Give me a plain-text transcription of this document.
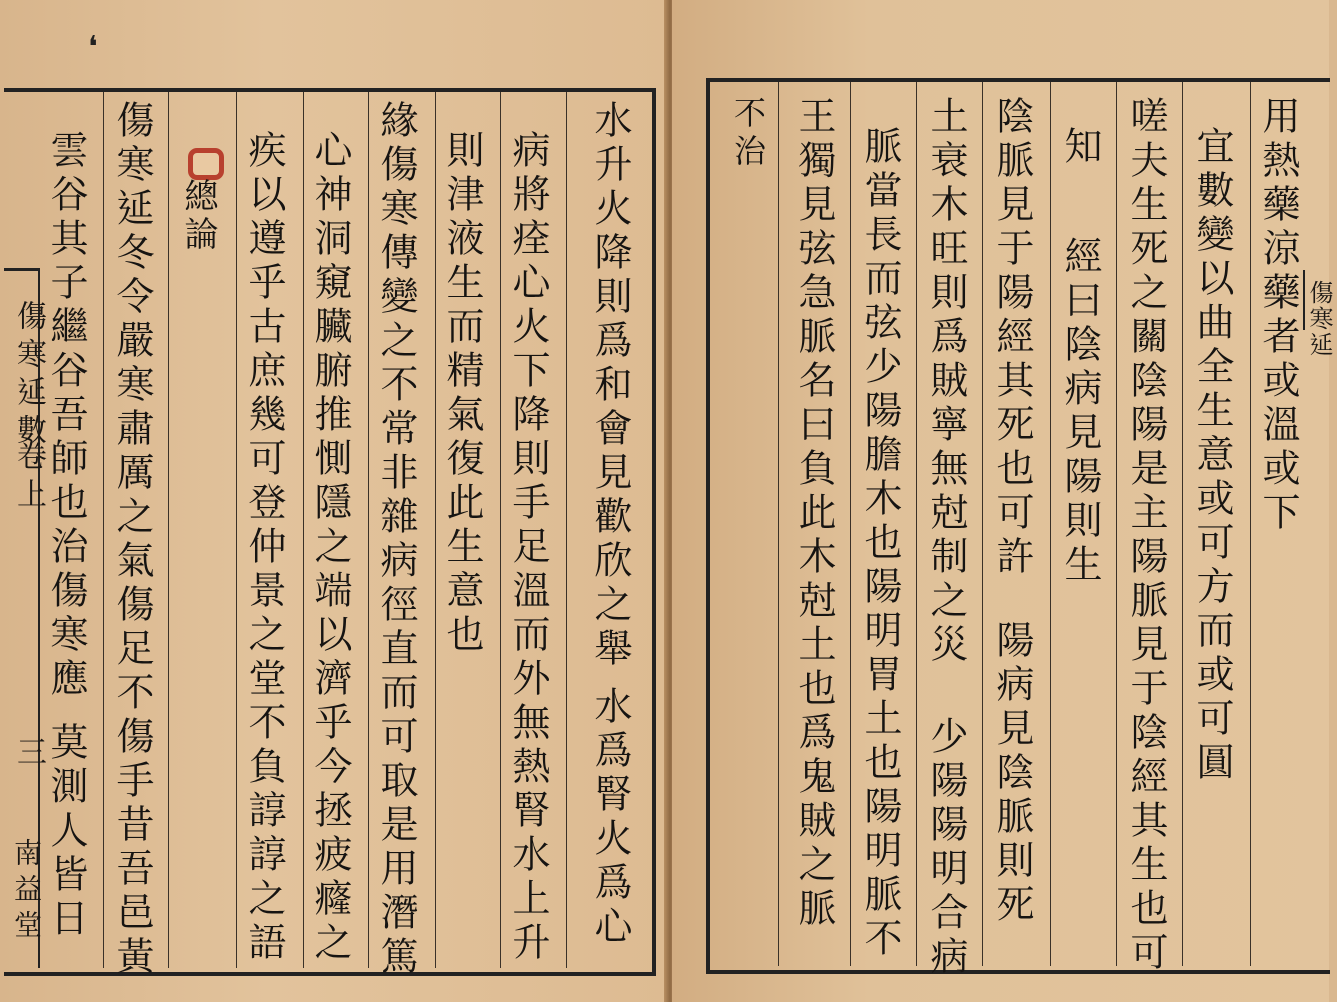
❛
傷寒𨒂數
卷上
三
南益堂
水升火降則爲和會見歡欣之舉
水爲腎火爲心
病將痊心火下降則手足溫而外無熱腎水上升
則津液生而精氣復此生意也
緣傷寒傳變之不常非雜病徑直而可取是用潛篤
心神洞窺臟腑推惻隱之端以濟乎今拯疲癃之
疾以遵乎古庶幾可登仲景之堂不負諄諄之語
總論
傷寒𨒂冬令嚴寒肅厲之氣傷足不傷手昔吾邑黃
雲谷其子繼谷吾師也治傷寒應
莫測人皆日
用熱藥涼藥者或溫或下
宜數變以曲全生意或可方而或可圓
嗟夫生死之關陰陽是主陽脈見于陰經其生也可
知
經曰陰病見陽則生
陰脈見于陽經其死也可許
陽病見陰脈則死
土衰木旺則爲賊寧無尅制之災
少陽陽明合病
脈當長而弦少陽膽木也陽明胃土也陽明脈不
王獨見弦急脈名曰負此木尅土也爲鬼賊之脈
不治
傷寒𨒂
